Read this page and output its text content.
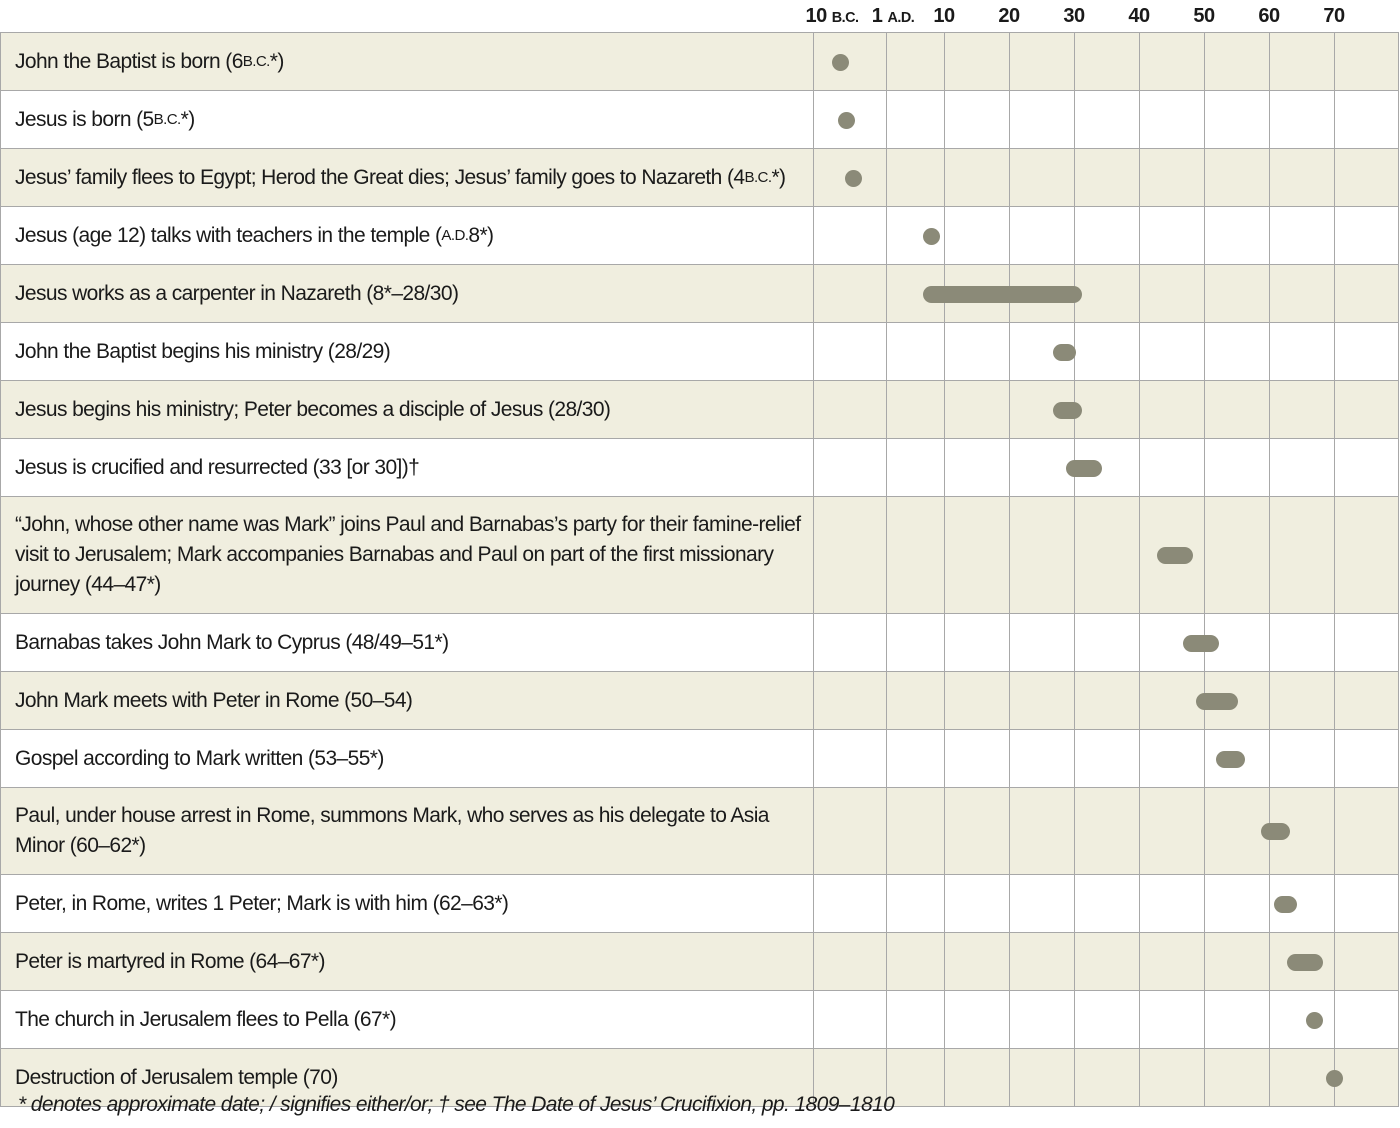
10 B.C. 1 A.D. 10 20 30 40 50 60 70
John the Baptist is born (6 B.C. *)
Jesus is born (5 B.C. *)
Jesus’ family flees to Egypt; Herod the Great dies; Jesus’ family goes to Nazareth (4 B.C. *)
Jesus (age 12) talks with teachers in the temple ( A.D. 8*)
Jesus works as a carpenter in Nazareth (8*–28/30)
John the Baptist begins his ministry (28/29)
Jesus begins his ministry; Peter becomes a disciple of Jesus (28/30)
Jesus is crucified and resurrected (33 [or 30])†
“John, whose other name was Mark” joins Paul and Barnabas’s party for their famine-relief visit to Jerusalem; Mark accompanies Barnabas and Paul on part of the first missionary journey (44–47*)
Barnabas takes John Mark to Cyprus (48/49–51*)
John Mark meets with Peter in Rome (50–54)
Gospel according to Mark written (53–55*)
Paul, under house arrest in Rome, summons Mark, who serves as his delegate to Asia Minor (60–62*)
Peter, in Rome, writes 1 Peter; Mark is with him (62–63*)
Peter is martyred in Rome (64–67*)
The church in Jerusalem flees to Pella (67*)
Destruction of Jerusalem temple (70)
* denotes approximate date; / signifies either/or; † see The Date of Jesus’ Crucifixion, pp. 1809–1810
